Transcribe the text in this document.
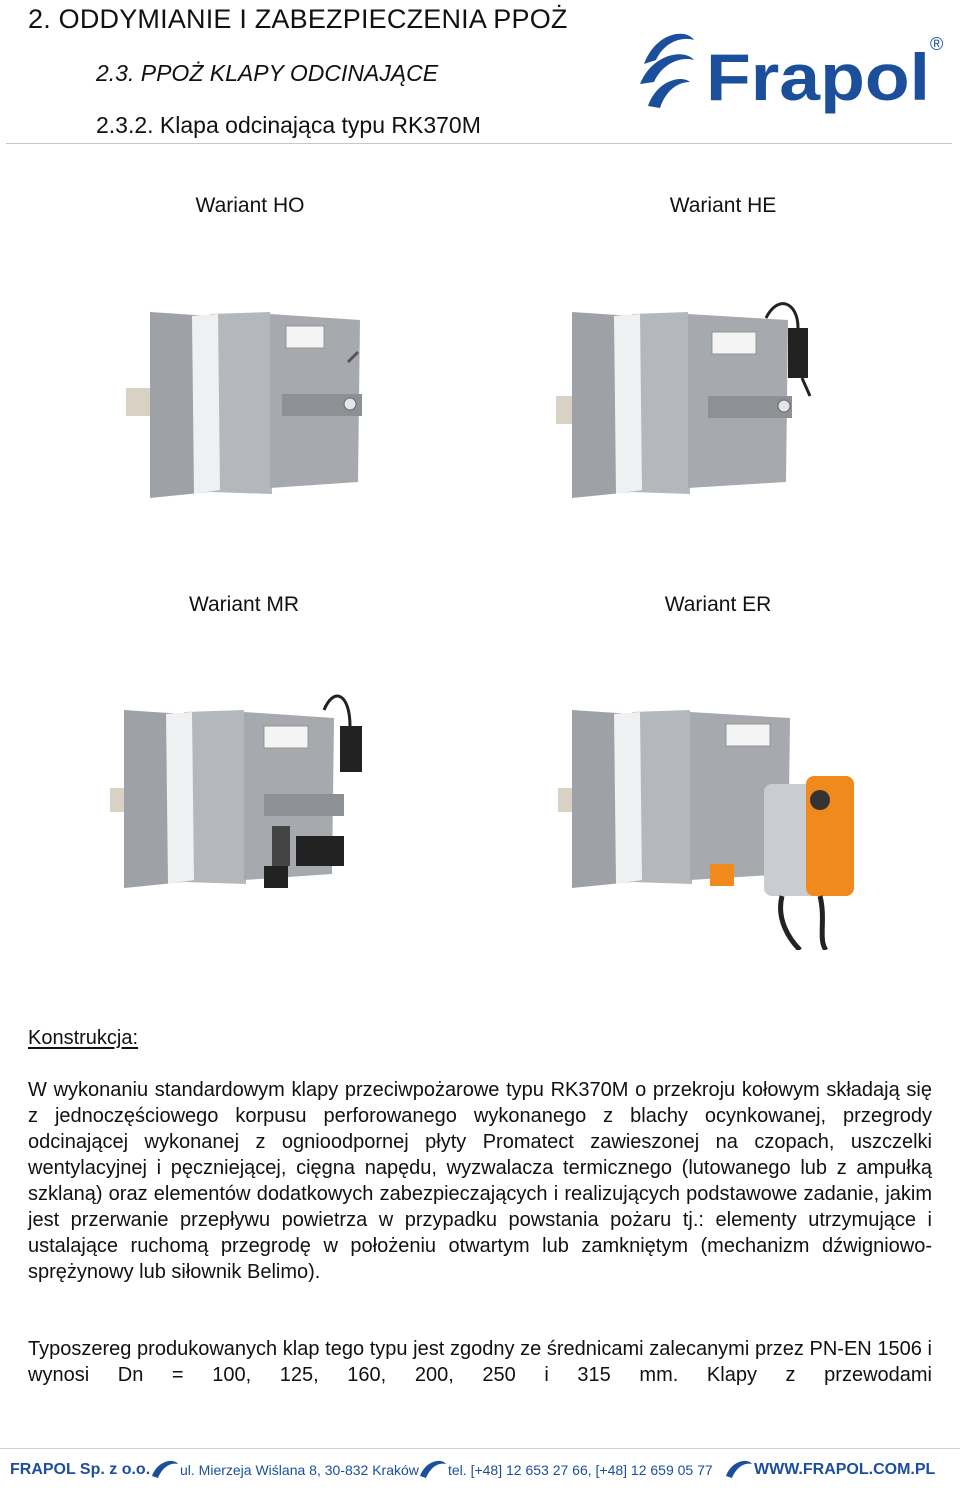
2. ODDYMIANIE I ZABEZPIECZENIA PPOŻ
2.3. PPOŻ KLAPY ODCINAJĄCE
2.3.2. Klapa odcinająca typu RK370M
Frapol ®
Wariant HO	Wariant HE
Wariant MR	Wariant ER
Konstrukcja:
W wykonaniu standardowym klapy przeciwpożarowe typu RK370M o przekroju kołowym składają się z jednoczęściowego korpusu perforowanego wykonanego z blachy ocynkowanej, przegrody odcinającej wykonanej z ognioodpornej płyty Promatect zawieszonej na czopach, uszczelki wentylacyjnej i pęczniejącej, cięgna napędu, wyzwalacza termicznego (lutowanego lub z ampułką szklaną) oraz elementów dodatkowych zabezpieczających i realizujących podstawowe zadanie, jakim jest przerwanie przepływu powietrza w przypadku powstania pożaru tj.: elementy utrzymujące i ustalające ruchomą przegrodę w położeniu otwartym lub zamkniętym (mechanizm dźwigniowo-sprężynowy lub siłownik Belimo).
Typoszereg produkowanych klap tego typu jest zgodny ze średnicami zalecanymi przez PN-EN 1506 i wynosi Dn = 100, 125, 160, 200, 250 i 315 mm. Klapy z przewodami
FRAPOL Sp. z o.o. ul. Mierzeja Wiślana 8, 30-832 Kraków tel. [+48] 12 653 27 66, [+48] 12 659 05 77	WWW.FRAPOL.COM.PL
